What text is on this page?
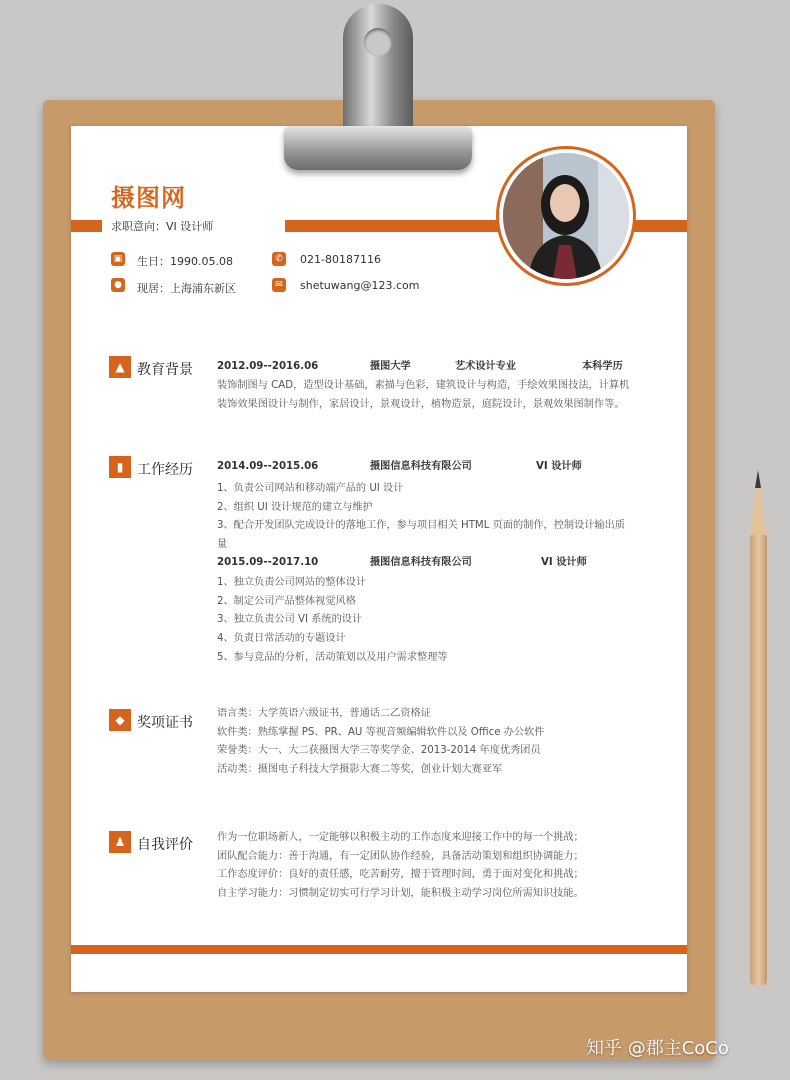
摄图网
求职意向：VI 设计师
▣ 生日：1990.05.08	✆ 021-80187116
● 现居：上海浦东新区	✉ shetuwang@123.com
▲ 教育背景 2012.09--2016.06	摄图大学	艺术设计专业	本科学历
装饰制图与 CAD，造型设计基础，素描与色彩，建筑设计与构造，手绘效果图技法，计算机
装饰效果图设计与制作，家居设计，景观设计，植物造景，庭院设计，景观效果图制作等。
▮ 工作经历 2014.09--2015.06	摄图信息科技有限公司	VI 设计师
1、负责公司网站和移动端产品的 UI 设计
2、组织 UI 设计规范的建立与维护
3、配合开发团队完成设计的落地工作，参与项目相关 HTML 页面的制作，控制设计输出质
量
2015.09--2017.10	摄图信息科技有限公司	VI 设计师
1、独立负责公司网站的整体设计
2、制定公司产品整体视觉风格
3、独立负责公司 VI 系统的设计
4、负责日常活动的专题设计
5、参与竞品的分析，活动策划以及用户需求整理等
◆ 奖项证书
语言类：大学英语六级证书，普通话二乙资格证
软件类：熟练掌握 PS、PR、AU 等视音频编辑软件以及 Office 办公软件
荣誉类：大一、大二获摄图大学三等奖学金、2013-2014 年度优秀团员
活动类：摄图电子科技大学摄影大赛二等奖，创业计划大赛亚军
♟ 自我评价 作为一位职场新人，一定能够以积极主动的工作态度来迎接工作中的每一个挑战；
团队配合能力：善于沟通，有一定团队协作经验，具备活动策划和组织协调能力；
工作态度评价：良好的责任感，吃苦耐劳，擅于管理时间，勇于面对变化和挑战；
自主学习能力：习惯制定切实可行学习计划，能积极主动学习岗位所需知识技能。
知乎 @郡主CoCo
